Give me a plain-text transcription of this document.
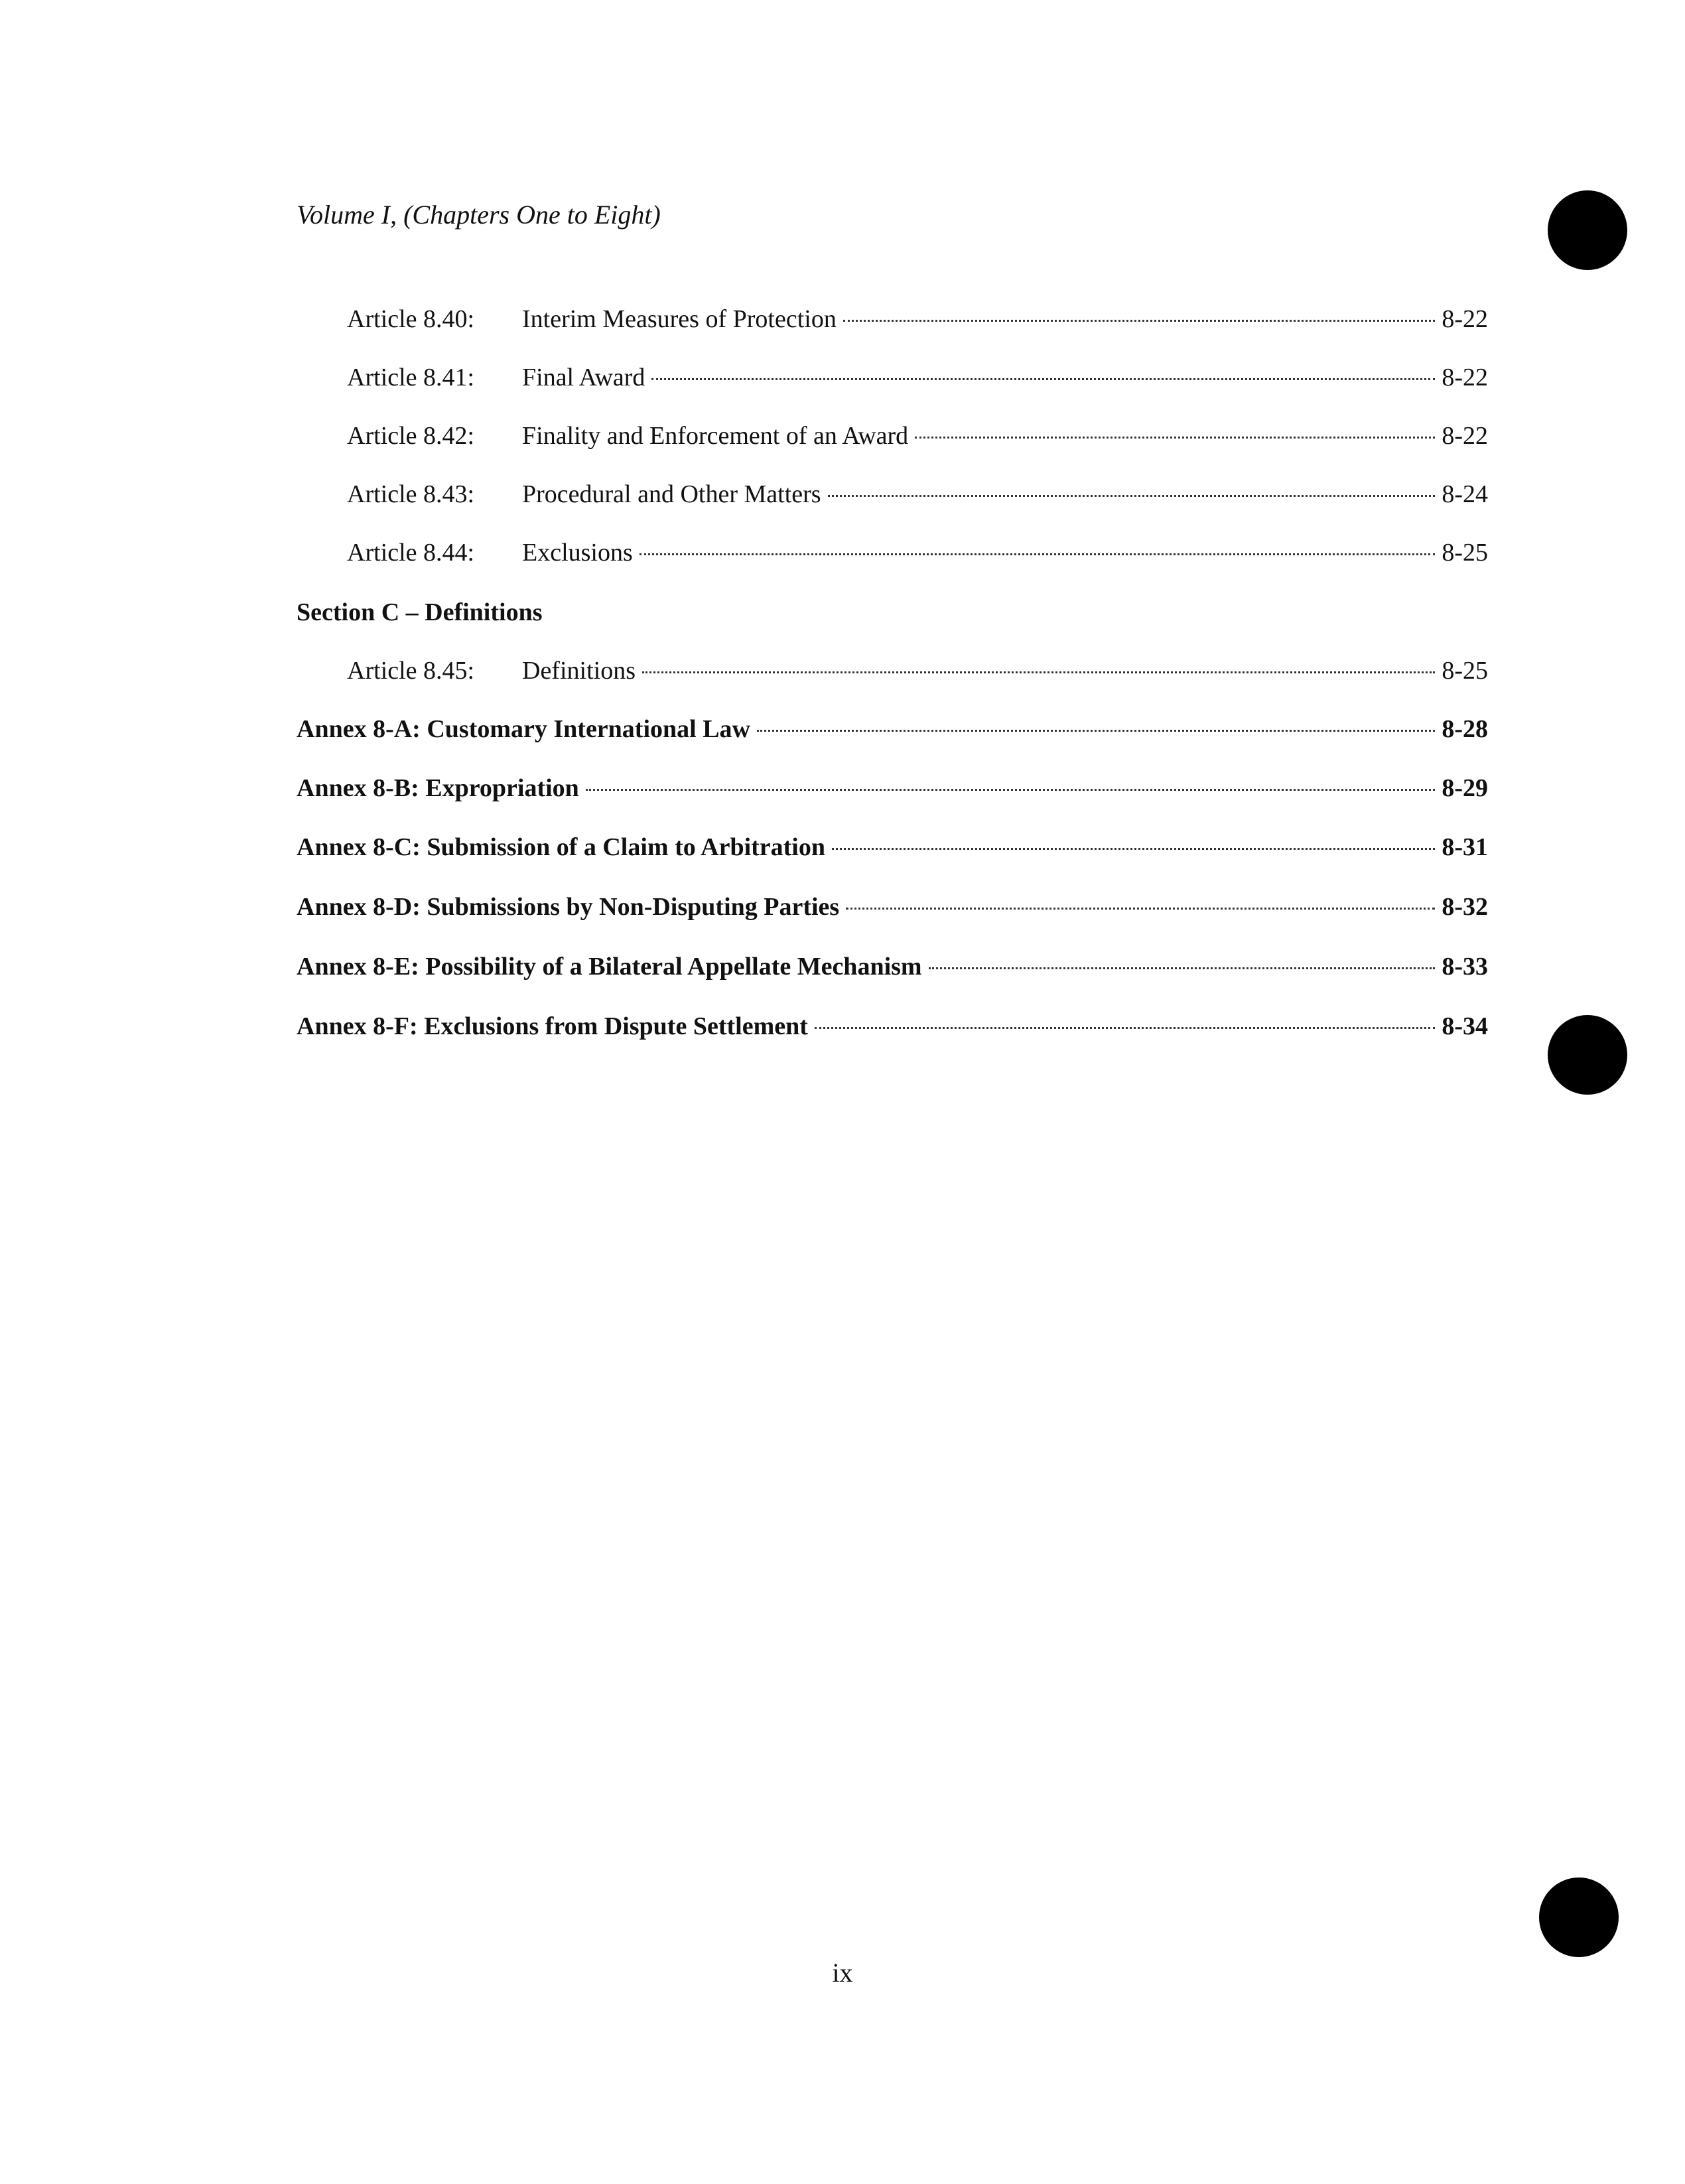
Volume I, (Chapters One to Eight)
Article 8.40:	Interim Measures of Protection	8-22
Article 8.41:	Final Award	8-22
Article 8.42:	Finality and Enforcement of an Award	8-22
Article 8.43:	Procedural and Other Matters	8-24
Article 8.44:	Exclusions	8-25
Section C – Definitions
Article 8.45:	Definitions	8-25
Annex 8-A: Customary International Law	8-28
Annex 8-B: Expropriation	8-29
Annex 8-C: Submission of a Claim to Arbitration	8-31
Annex 8-D: Submissions by Non-Disputing Parties	8-32
Annex 8-E: Possibility of a Bilateral Appellate Mechanism	8-33
Annex 8-F: Exclusions from Dispute Settlement	8-34
ix
